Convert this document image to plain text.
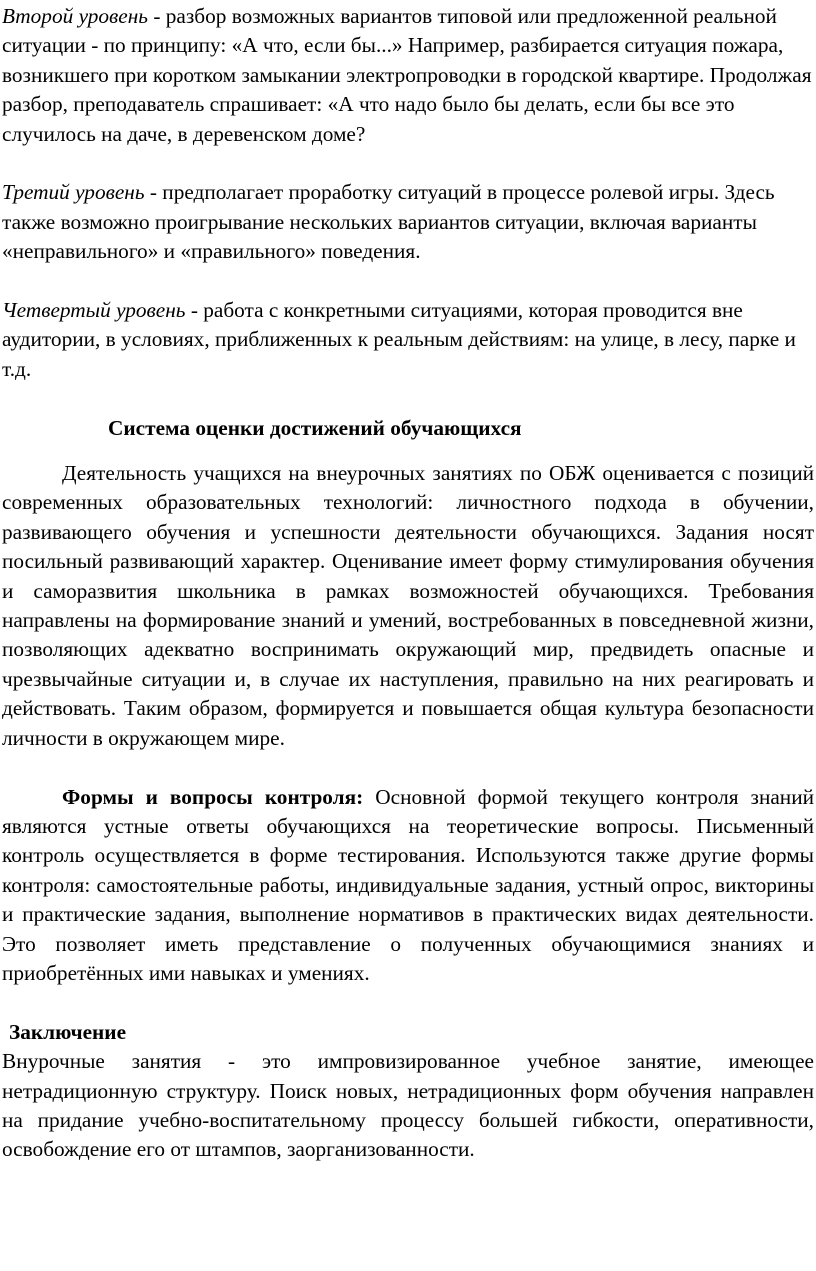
Второй уровень - разбор возможных вариантов типовой или предложенной реальной ситуации - по принципу: «А что, если бы...» Например, разбирается ситуация пожара, возникшего при коротком замыкании электропроводки в городской квартире. Продолжая разбор, преподаватель спрашивает: «А что надо было бы делать, если бы все это случилось на даче, в деревенском доме?

Третий уровень - предполагает проработку ситуаций в процессе ролевой игры. Здесь также возможно проигрывание нескольких вариантов ситуации, включая варианты «неправильного» и «правильного» поведения.

Четвертый уровень - работа с конкретными ситуациями, которая проводится вне аудитории, в условиях, приближенных к реальным действиям: на улице, в лесу, парке и т.д.

Система оценки достижений обучающихся

Деятельность учащихся на внеурочных занятиях по ОБЖ оценивается с позиций современных образовательных технологий: личностного подхода в обучении, развивающего обучения и успешности деятельности обучающихся. Задания носят посильный развивающий характер. Оценивание имеет форму стимулирования обучения и саморазвития школьника в рамках возможностей обучающихся. Требования направлены на формирование знаний и умений, востребованных в повседневной жизни, позволяющих адекватно воспринимать окружающий мир, предвидеть опасные и чрезвычайные ситуации и, в случае их наступления, правильно на них реагировать и действовать. Таким образом, формируется и повышается общая культура безопасности личности в окружающем мире.

Формы и вопросы контроля: Основной формой текущего контроля знаний являются устные ответы обучающихся на теоретические вопросы. Письменный контроль осуществляется в форме тестирования. Используются также другие формы контроля: самостоятельные работы, индивидуальные задания, устный опрос, викторины и практические задания, выполнение нормативов в практических видах деятельности. Это позволяет иметь представление о полученных обучающимися знаниях и приобретённых ими навыках и умениях.

Заключение

Внурочные занятия - это импровизированное учебное занятие, имеющее нетрадиционную структуру. Поиск новых, нетрадиционных форм обучения направлен на придание учебно-воспитательному процессу большей гибкости, оперативности, освобождение его от штампов, заорганизованности.
